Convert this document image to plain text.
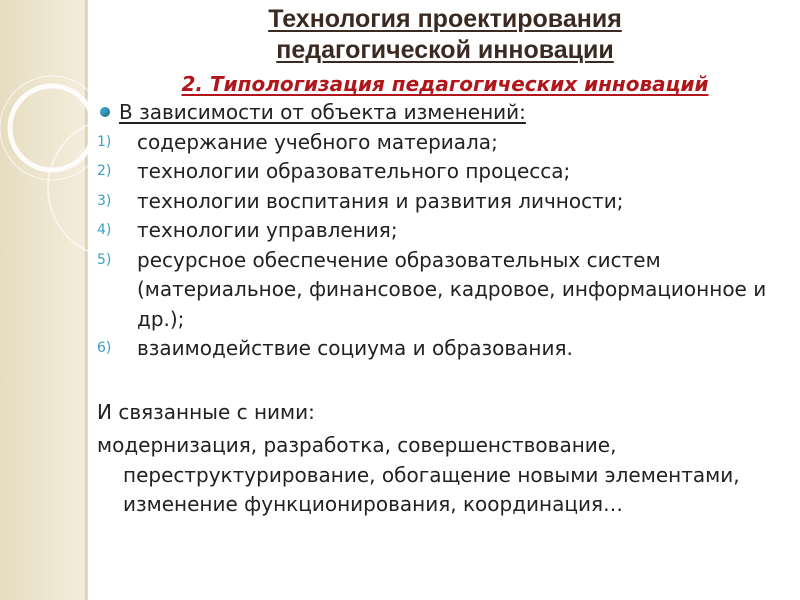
Технология проектирования
педагогической инновации
2. Типологизация педагогических инноваций
В зависимости от объекта изменений:
1) содержание учебного материала;
2) технологии образовательного процесса;
3) технологии воспитания и развития личности;
4) технологии управления;
5) ресурсное обеспечение образовательных систем (материальное, финансовое, кадровое, информационное и др.);
6) взаимодействие социума и образования.
И связанные с ними:
модернизация, разработка, совершенствование, переструктурирование, обогащение новыми элементами, изменение функционирования, координация…
